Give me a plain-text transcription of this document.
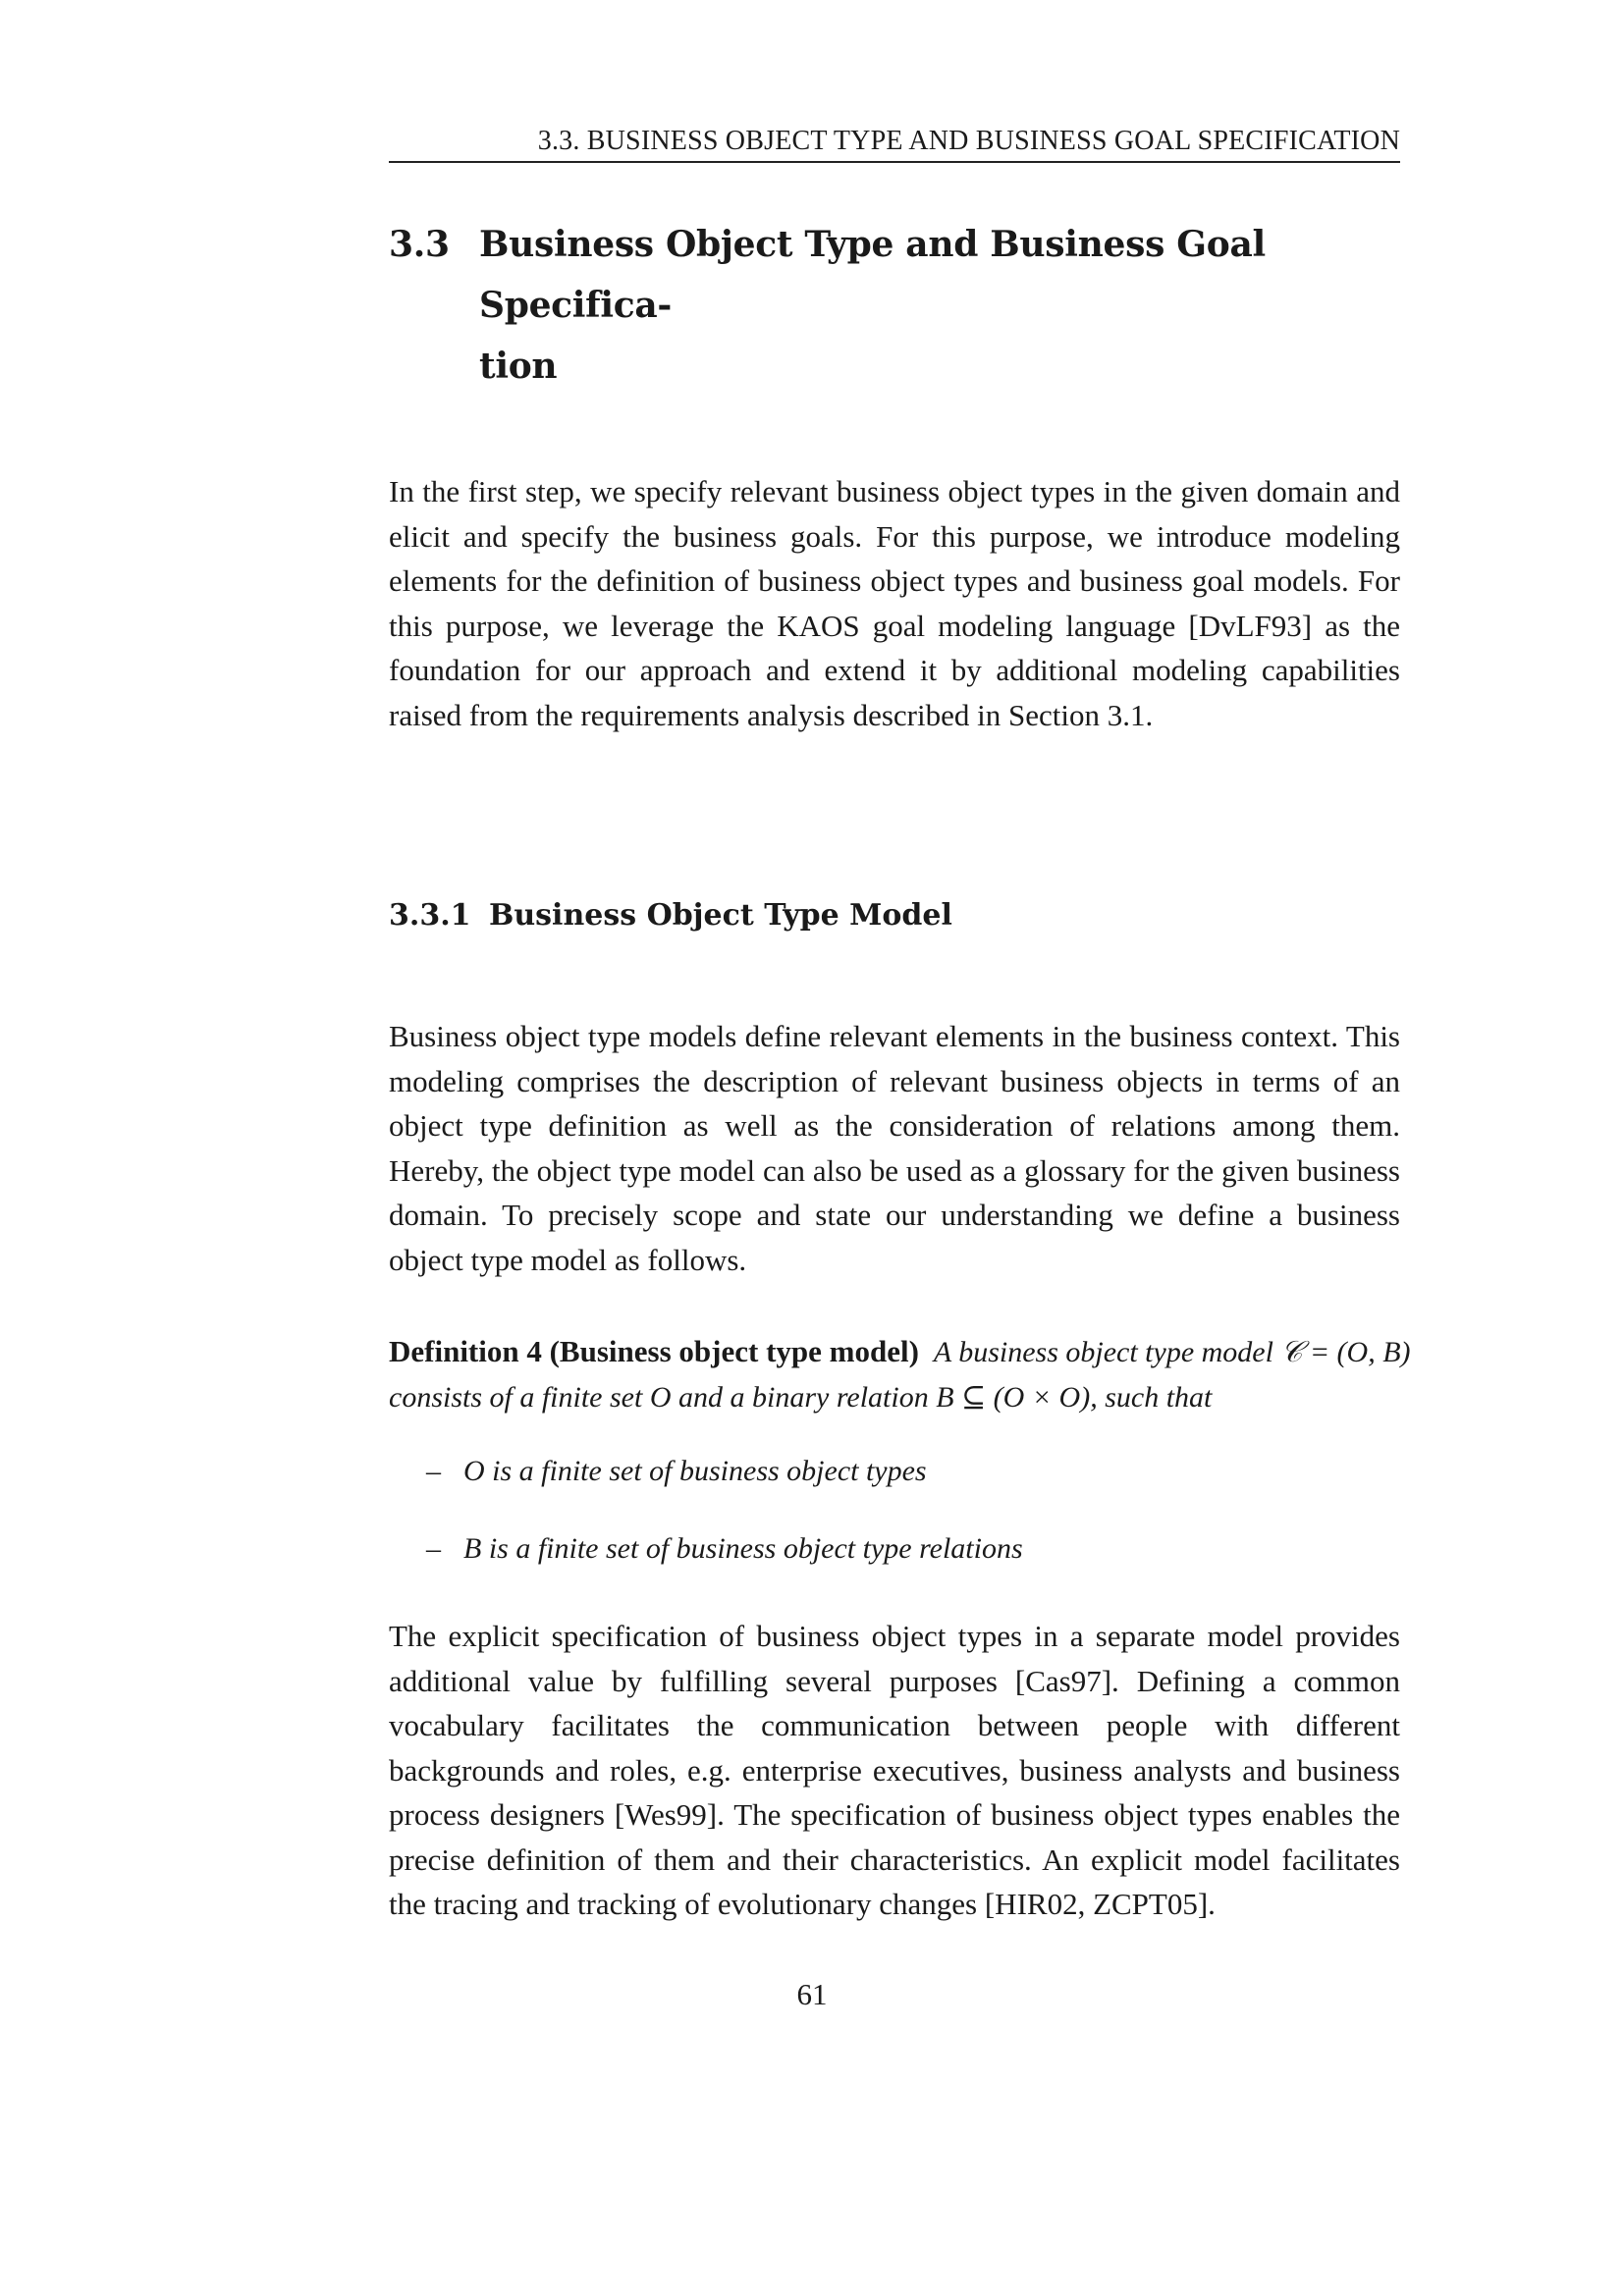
3.3. BUSINESS OBJECT TYPE AND BUSINESS GOAL SPECIFICATION
3.3 Business Object Type and Business Goal Specifica-
tion

In the first step, we specify relevant business object types in the given domain and elicit and specify the business goals. For this purpose, we introduce modeling elements for the definition of business object types and business goal models. For this purpose, we leverage the KAOS goal modeling language [DvLF93] as the foundation for our approach and extend it by additional modeling capabilities raised from the requirements analysis described in Section 3.1.

3.3.1 Business Object Type Model

Business object type models define relevant elements in the business context. This modeling comprises the description of relevant business objects in terms of an object type definition as well as the consideration of relations among them. Hereby, the object type model can also be used as a glossary for the given business domain. To precisely scope and state our understanding we define a business object type model as follows.

Definition 4 (Business object type model) A business object type model 𝒞 = (O, B)
consists of a finite set O and a binary relation B ⊆ (O × O), such that
– O is a finite set of business object types
– B is a finite set of business object type relations

The explicit specification of business object types in a separate model provides additional value by fulfilling several purposes [Cas97]. Defining a common vocabulary facilitates the communication between people with different backgrounds and roles, e.g. enterprise executives, business analysts and business process designers [Wes99]. The specification of business object types enables the precise definition of them and their characteristics. An explicit model facilitates the tracing and tracking of evolutionary changes [HIR02, ZCPT05].

61
